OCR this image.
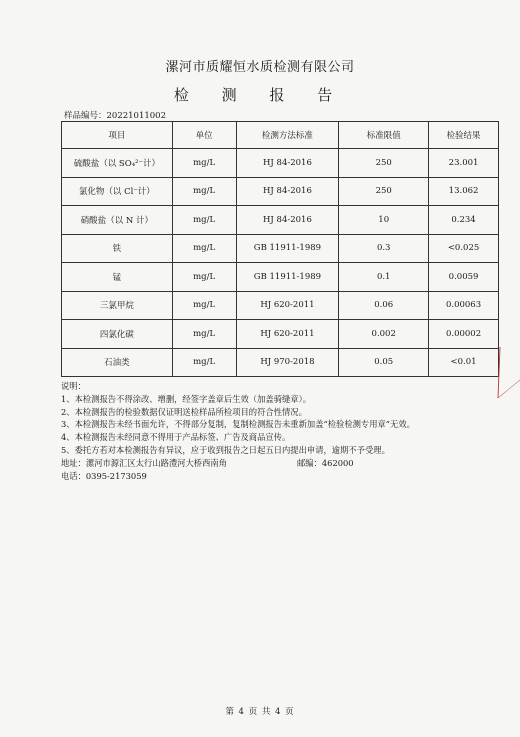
漯河市质耀恒水质检测有限公司
检 测 报 告
样品编号：20221011002
项目	单位	检测方法标准	标准限值	检验结果
硫酸盐（以 SO₄²⁻计）	mg/L	HJ 84-2016	250	23.001
氯化物（以 Cl⁻计）	mg/L	HJ 84-2016	250	13.062
硝酸盐（以 N 计）	mg/L	HJ 84-2016	10	0.234
铁	mg/L	GB 11911-1989	0.3	<0.025
锰	mg/L	GB 11911-1989	0.1	0.0059
三氯甲烷	mg/L	HJ 620-2011	0.06	0.00063
四氯化碳	mg/L	HJ 620-2011	0.002	0.00002
石油类	mg/L	HJ 970-2018	0.05	<0.01
说明：
1、本检测报告不得涂改、增删，经签字盖章后生效（加盖骑缝章）。
2、本检测报告的检验数据仅证明送检样品所检项目的符合性情况。
3、本检测报告未经书面允许，不得部分复制，复制检测报告未重新加盖“检验检测专用章”无效。
4、本检测报告未经同意不得用于产品标签、广告及商品宣传。
5、委托方若对本检测报告有异议，应于收到报告之日起五日内提出申请，逾期不予受理。
地址：漯河市源汇区太行山路澧河大桥西南角	邮编：462000
电话：0395-2173059
第 4 页 共 4 页
